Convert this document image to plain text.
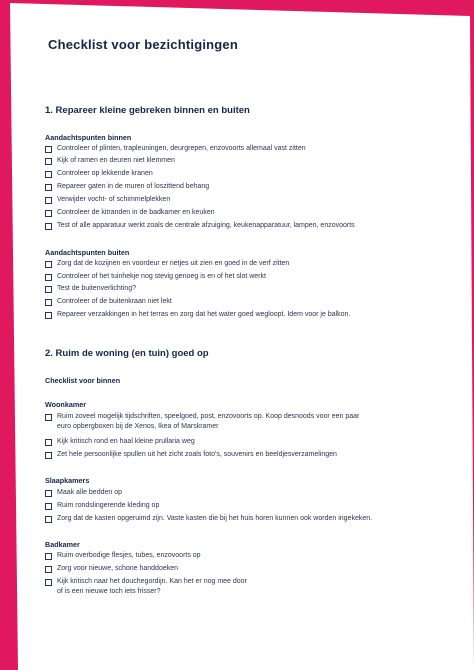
Checklist voor bezichtigingen
1. Repareer kleine gebreken binnen en buiten
Aandachtspunten binnen
Controleer of plinten, trapleuningen, deurgrepen, enzovoorts allemaal vast zitten
Kijk of ramen en deuren niet klemmen
Controleer op lekkende kranen
Repareer gaten in de muren of loszittend behang
Verwijder vocht- of schimmelplekken
Controleer de kitranden in de badkamer en keuken
Test of alle apparatuur werkt zoals de centrale afzuiging, keukenapparatuur, lampen, enzovoorts
Aandachtspunten buiten
Zorg dat de kozijnen en voordeur er netjes uit zien en goed in de verf zitten
Controleer of het tuinhekje nog stevig genoeg is en of het slot werkt
Test de buitenverlichting?
Controleer of de buitenkraan niet lekt
Repareer verzakkingen in het terras en zorg dat het water goed wegloopt. Idem voor je balkon.
2. Ruim de woning (en tuin) goed op
Checklist voor binnen
Woonkamer
Ruim zoveel mogelijk tijdschriften, speelgoed, post, enzovoorts op. Koop desnoods voor een paar
euro opbergboxen bij de Xenos, Ikea of Marskramer
Kijk kritisch rond en haal kleine prullaria weg
Zet hele persoonlijke spullen uit het zicht zoals foto's, souvenirs en beeldjesverzamelingen
Slaapkamers
Maak alle bedden op
Ruim rondslingerende kleding op
Zorg dat de kasten opgeruimd zijn. Vaste kasten die bij het huis horen kunnen ook worden ingekeken.
Badkamer
Ruim overbodige flesjes, tubes, enzovoorts op
Zorg voor nieuwe, schone handdoeken
Kijk kritisch naar het douchegordijn. Kan het er nog mee door
of is een nieuwe toch iets frisser?
